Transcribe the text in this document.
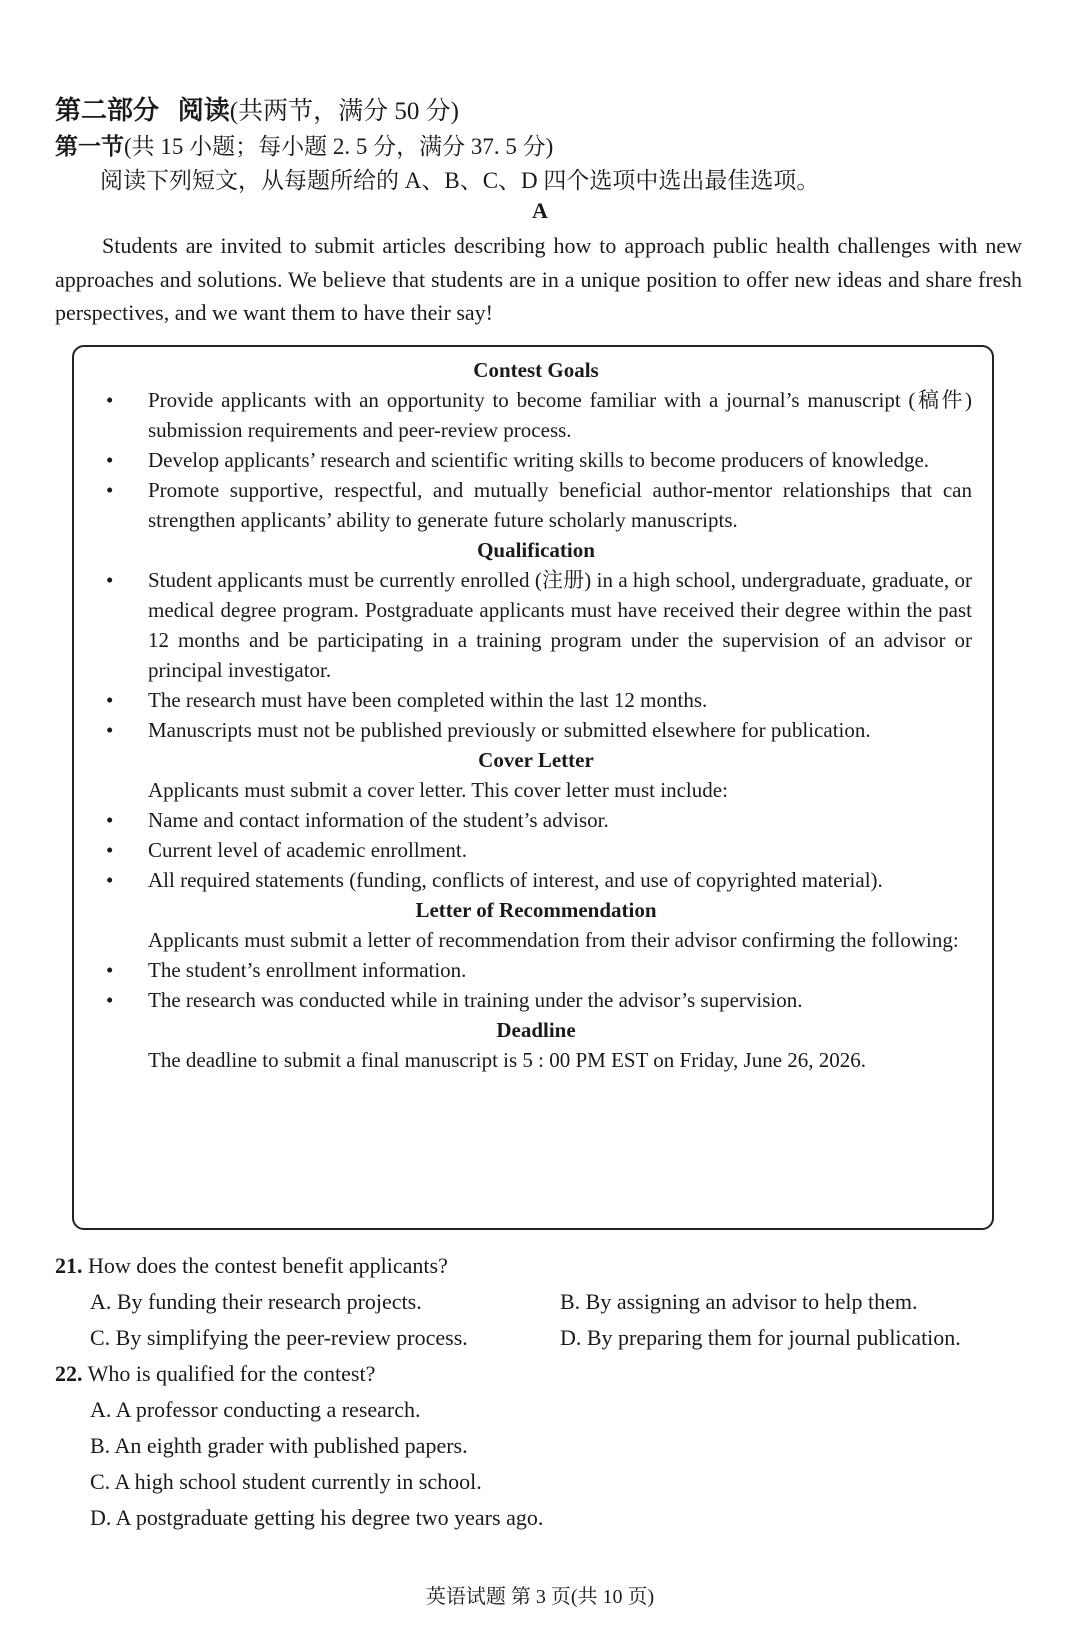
第二部分 阅读(共两节，满分 50 分)
第一节(共 15 小题；每小题 2. 5 分，满分 37. 5 分)
阅读下列短文，从每题所给的 A、B、C、D 四个选项中选出最佳选项。
A
Students are invited to submit articles describing how to approach public health challenges with new approaches and solutions. We believe that students are in a unique position to offer new ideas and share fresh perspectives, and we want them to have their say!
Contest Goals
• Provide applicants with an opportunity to become familiar with a journal’s manuscript (稿件) submission requirements and peer-review process.
• Develop applicants’ research and scientific writing skills to become producers of knowledge.
• Promote supportive, respectful, and mutually beneficial author-mentor relationships that can strengthen applicants’ ability to generate future scholarly manuscripts.
Qualification
• Student applicants must be currently enrolled (注册) in a high school, undergraduate, graduate, or medical degree program. Postgraduate applicants must have received their degree within the past 12 months and be participating in a training program under the supervision of an advisor or principal investigator.
• The research must have been completed within the last 12 months.
• Manuscripts must not be published previously or submitted elsewhere for publication.
Cover Letter
Applicants must submit a cover letter. This cover letter must include:
• Name and contact information of the student’s advisor.
• Current level of academic enrollment.
• All required statements (funding, conflicts of interest, and use of copyrighted material).
Letter of Recommendation
Applicants must submit a letter of recommendation from their advisor confirming the following:
• The student’s enrollment information.
• The research was conducted while in training under the advisor’s supervision.
Deadline
The deadline to submit a final manuscript is 5 : 00 PM EST on Friday, June 26, 2026.
21. How does the contest benefit applicants?
A. By funding their research projects.	B. By assigning an advisor to help them.
C. By simplifying the peer-review process.	D. By preparing them for journal publication.
22. Who is qualified for the contest?
A. A professor conducting a research.
B. An eighth grader with published papers.
C. A high school student currently in school.
D. A postgraduate getting his degree two years ago.
英语试题 第 3 页(共 10 页)
